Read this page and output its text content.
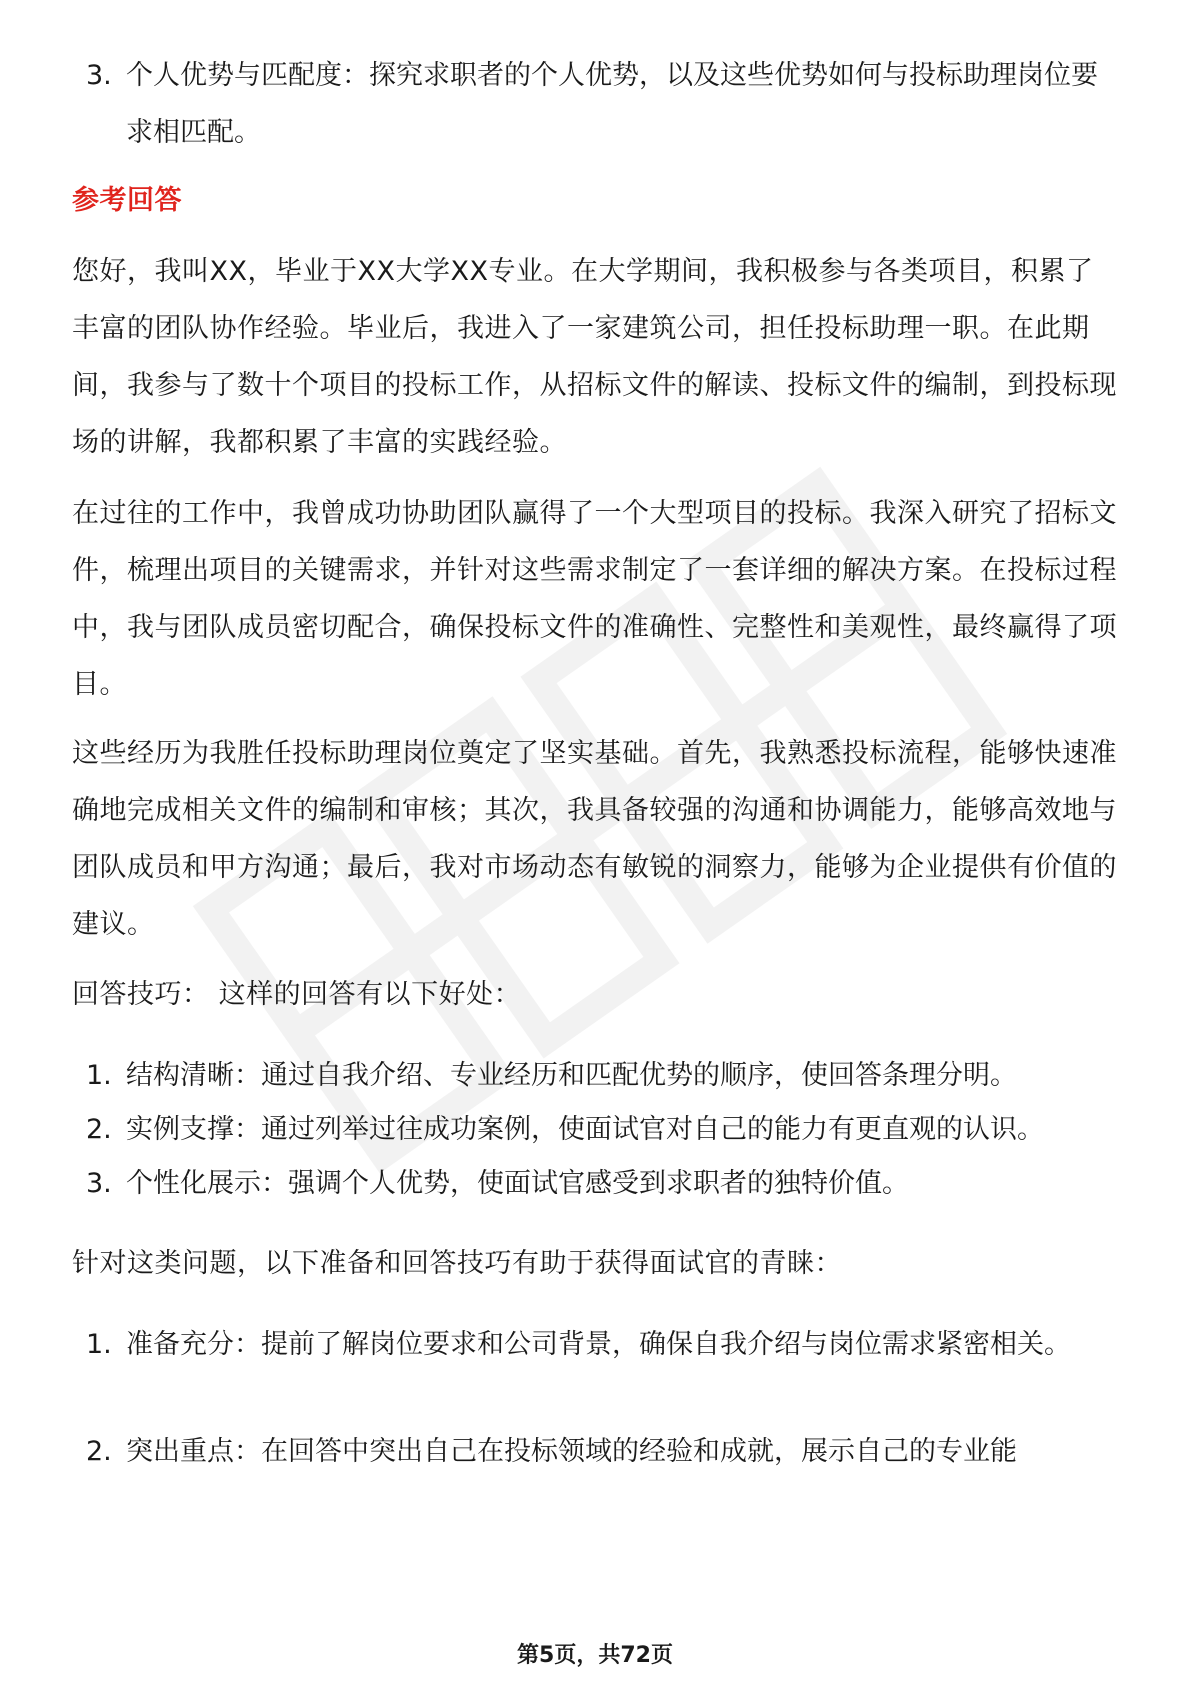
3. 个人优势与匹配度：探究求职者的个人优势，以及这些优势如何与投标助理岗位要求相匹配。
参考回答
您好，我叫XX，毕业于XX大学XX专业。在大学期间，我积极参与各类项目，积累了丰富的团队协作经验。毕业后，我进入了一家建筑公司，担任投标助理一职。在此期间，我参与了数十个项目的投标工作，从招标文件的解读、投标文件的编制，到投标现场的讲解，我都积累了丰富的实践经验。
在过往的工作中，我曾成功协助团队赢得了一个大型项目的投标。我深入研究了招标文件，梳理出项目的关键需求，并针对这些需求制定了一套详细的解决方案。在投标过程中，我与团队成员密切配合，确保投标文件的准确性、完整性和美观性，最终赢得了项目。
这些经历为我胜任投标助理岗位奠定了坚实基础。首先，我熟悉投标流程，能够快速准确地完成相关文件的编制和审核；其次，我具备较强的沟通和协调能力，能够高效地与团队成员和甲方沟通；最后，我对市场动态有敏锐的洞察力，能够为企业提供有价值的建议。
回答技巧： 这样的回答有以下好处：
1. 结构清晰：通过自我介绍、专业经历和匹配优势的顺序，使回答条理分明。
2. 实例支撑：通过列举过往成功案例，使面试官对自己的能力有更直观的认识。
3. 个性化展示：强调个人优势，使面试官感受到求职者的独特价值。
针对这类问题，以下准备和回答技巧有助于获得面试官的青睐：
1. 准备充分：提前了解岗位要求和公司背景，确保自我介绍与岗位需求紧密相关。
2. 突出重点：在回答中突出自己在投标领域的经验和成就，展示自己的专业能
第5页，共72页
